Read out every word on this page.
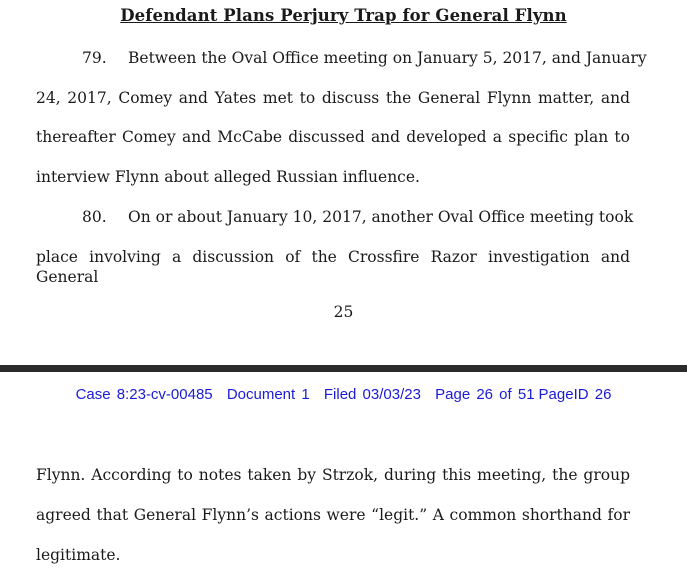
Defendant Plans Perjury Trap for General Flynn
79. Between the Oval Office meeting on January 5, 2017, and January
24, 2017, Comey and Yates met to discuss the General Flynn matter, and
thereafter Comey and McCabe discussed and developed a specific plan to
interview Flynn about alleged Russian influence.
80. On or about January 10, 2017, another Oval Office meeting took
place involving a discussion of the Crossfire Razor investigation and General
25
Case 8:23-cv-00485 Document 1 Filed 03/03/23 Page 26 of 51 PageID 26
Flynn. According to notes taken by Strzok, during this meeting, the group
agreed that General Flynn’s actions were “legit.” A common shorthand for
legitimate.
